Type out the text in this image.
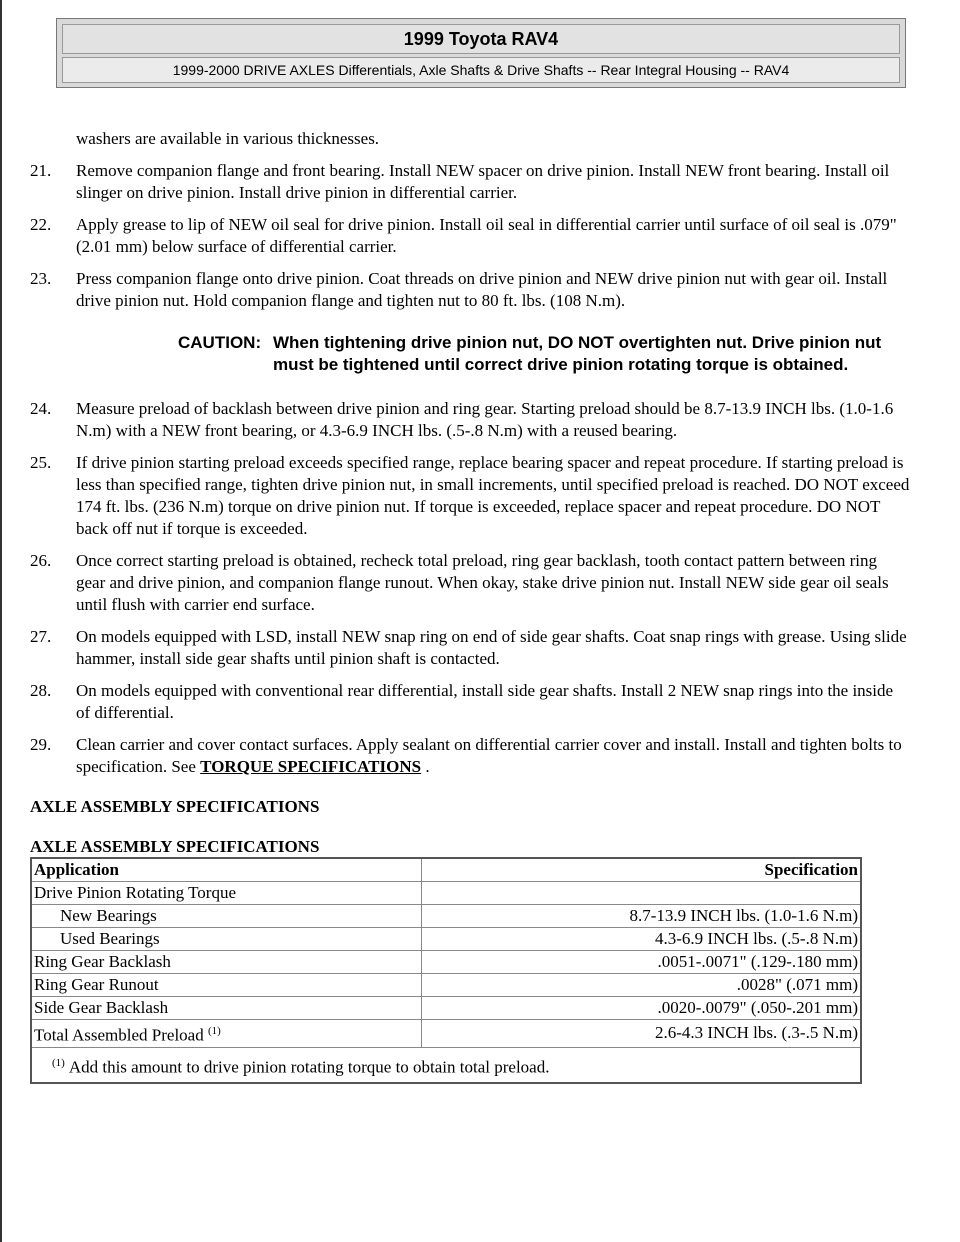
1999 Toyota RAV4
1999-2000 DRIVE AXLES Differentials, Axle Shafts & Drive Shafts -- Rear Integral Housing -- RAV4
washers are available in various thicknesses.
21.	Remove companion flange and front bearing. Install NEW spacer on drive pinion. Install NEW front bearing. Install oil slinger on drive pinion. Install drive pinion in differential carrier.
22.	Apply grease to lip of NEW oil seal for drive pinion. Install oil seal in differential carrier until surface of oil seal is .079" (2.01 mm) below surface of differential carrier.
23.	Press companion flange onto drive pinion. Coat threads on drive pinion and NEW drive pinion nut with gear oil. Install drive pinion nut. Hold companion flange and tighten nut to 80 ft. lbs. (108 N.m).
CAUTION: When tightening drive pinion nut, DO NOT overtighten nut. Drive pinion nut must be tightened until correct drive pinion rotating torque is obtained.
24.	Measure preload of backlash between drive pinion and ring gear. Starting preload should be 8.7-13.9 INCH lbs. (1.0-1.6 N.m) with a NEW front bearing, or 4.3-6.9 INCH lbs. (.5-.8 N.m) with a reused bearing.
25.	If drive pinion starting preload exceeds specified range, replace bearing spacer and repeat procedure. If starting preload is less than specified range, tighten drive pinion nut, in small increments, until specified preload is reached. DO NOT exceed 174 ft. lbs. (236 N.m) torque on drive pinion nut. If torque is exceeded, replace spacer and repeat procedure. DO NOT back off nut if torque is exceeded.
26.	Once correct starting preload is obtained, recheck total preload, ring gear backlash, tooth contact pattern between ring gear and drive pinion, and companion flange runout. When okay, stake drive pinion nut. Install NEW side gear oil seals until flush with carrier end surface.
27.	On models equipped with LSD, install NEW snap ring on end of side gear shafts. Coat snap rings with grease. Using slide hammer, install side gear shafts until pinion shaft is contacted.
28.	On models equipped with conventional rear differential, install side gear shafts. Install 2 NEW snap rings into the inside of differential.
29.	Clean carrier and cover contact surfaces. Apply sealant on differential carrier cover and install. Install and tighten bolts to specification. See TORQUE SPECIFICATIONS .
AXLE ASSEMBLY SPECIFICATIONS
AXLE ASSEMBLY SPECIFICATIONS
Application	Specification
Drive Pinion Rotating Torque	
New Bearings	8.7-13.9 INCH lbs. (1.0-1.6 N.m)
Used Bearings	4.3-6.9 INCH lbs. (.5-.8 N.m)
Ring Gear Backlash	.0051-.0071" (.129-.180 mm)
Ring Gear Runout	.0028" (.071 mm)
Side Gear Backlash	.0020-.0079" (.050-.201 mm)
Total Assembled Preload $^{(1)}$	2.6-4.3 INCH lbs. (.3-.5 N.m)
$^{(1)}$ Add this amount to drive pinion rotating torque to obtain total preload.	
